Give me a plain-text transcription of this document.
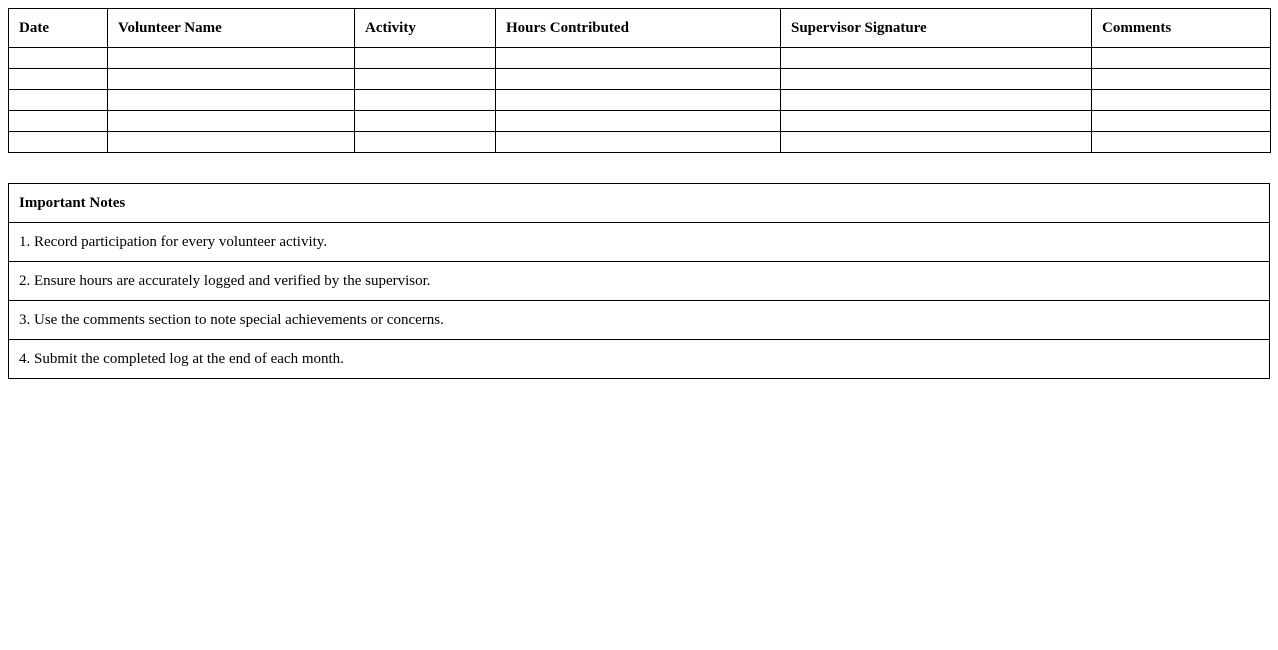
Date	Volunteer Name	Activity	Hours Contributed	Supervisor Signature	Comments

Important Notes
1. Record participation for every volunteer activity.
2. Ensure hours are accurately logged and verified by the supervisor.
3. Use the comments section to note special achievements or concerns.
4. Submit the completed log at the end of each month.
